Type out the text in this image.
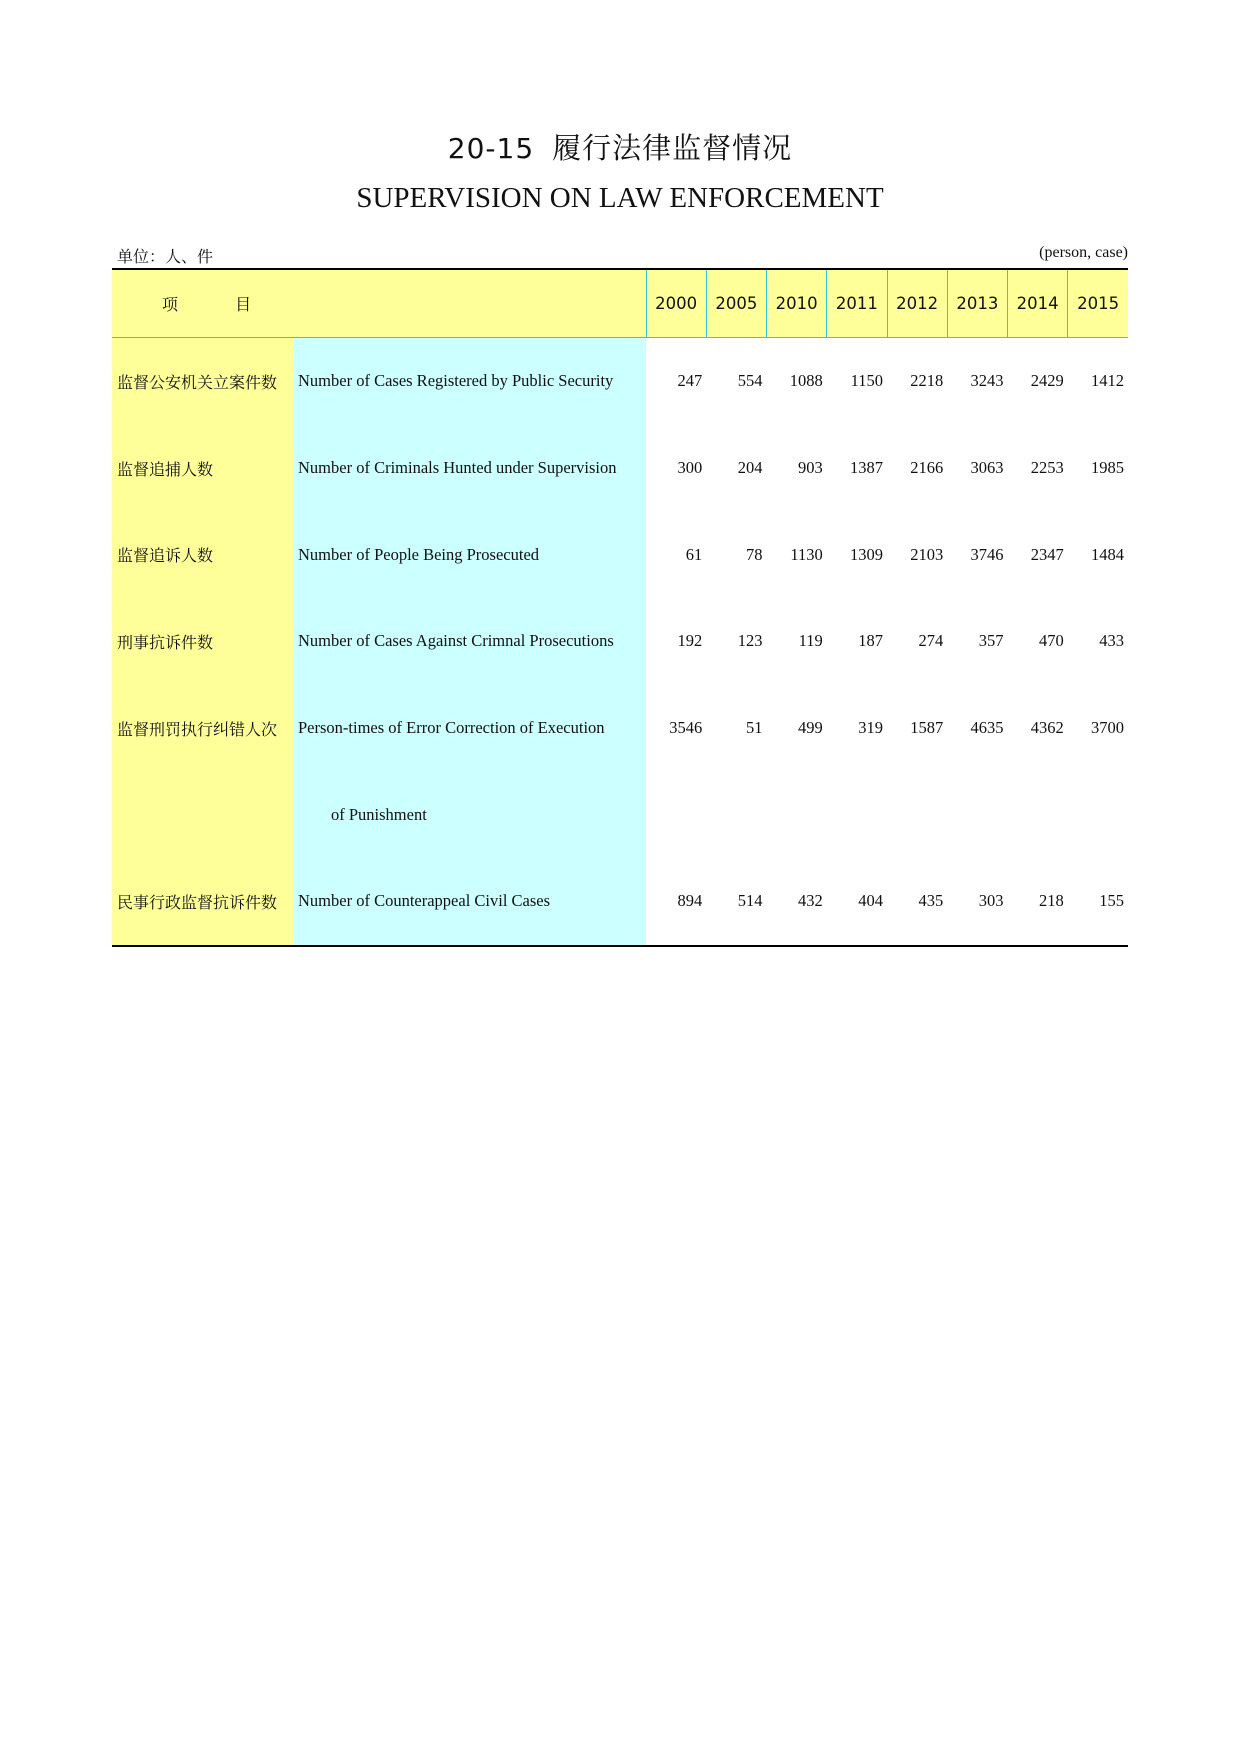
20-15 履行法律监督情况
SUPERVISION ON LAW ENFORCEMENT
单位：人、件	(person, case)
项 目		2000	2005	2010	2011	2012	2013	2014	2015
监督公安机关立案件数	Number of Cases Registered by Public Security	247	554	1088	1150	2218	3243	2429	1412
监督追捕人数	Number of Criminals Hunted under Supervision	300	204	903	1387	2166	3063	2253	1985
监督追诉人数	Number of People Being Prosecuted	61	78	1130	1309	2103	3746	2347	1484
刑事抗诉件数	Number of Cases Against Crimnal Prosecutions	192	123	119	187	274	357	470	433
监督刑罚执行纠错人次	Person-times of Error Correction of Execution	3546	51	499	319	1587	4635	4362	3700
	of Punishment								
民事行政监督抗诉件数	Number of Counterappeal Civil Cases	894	514	432	404	435	303	218	155
